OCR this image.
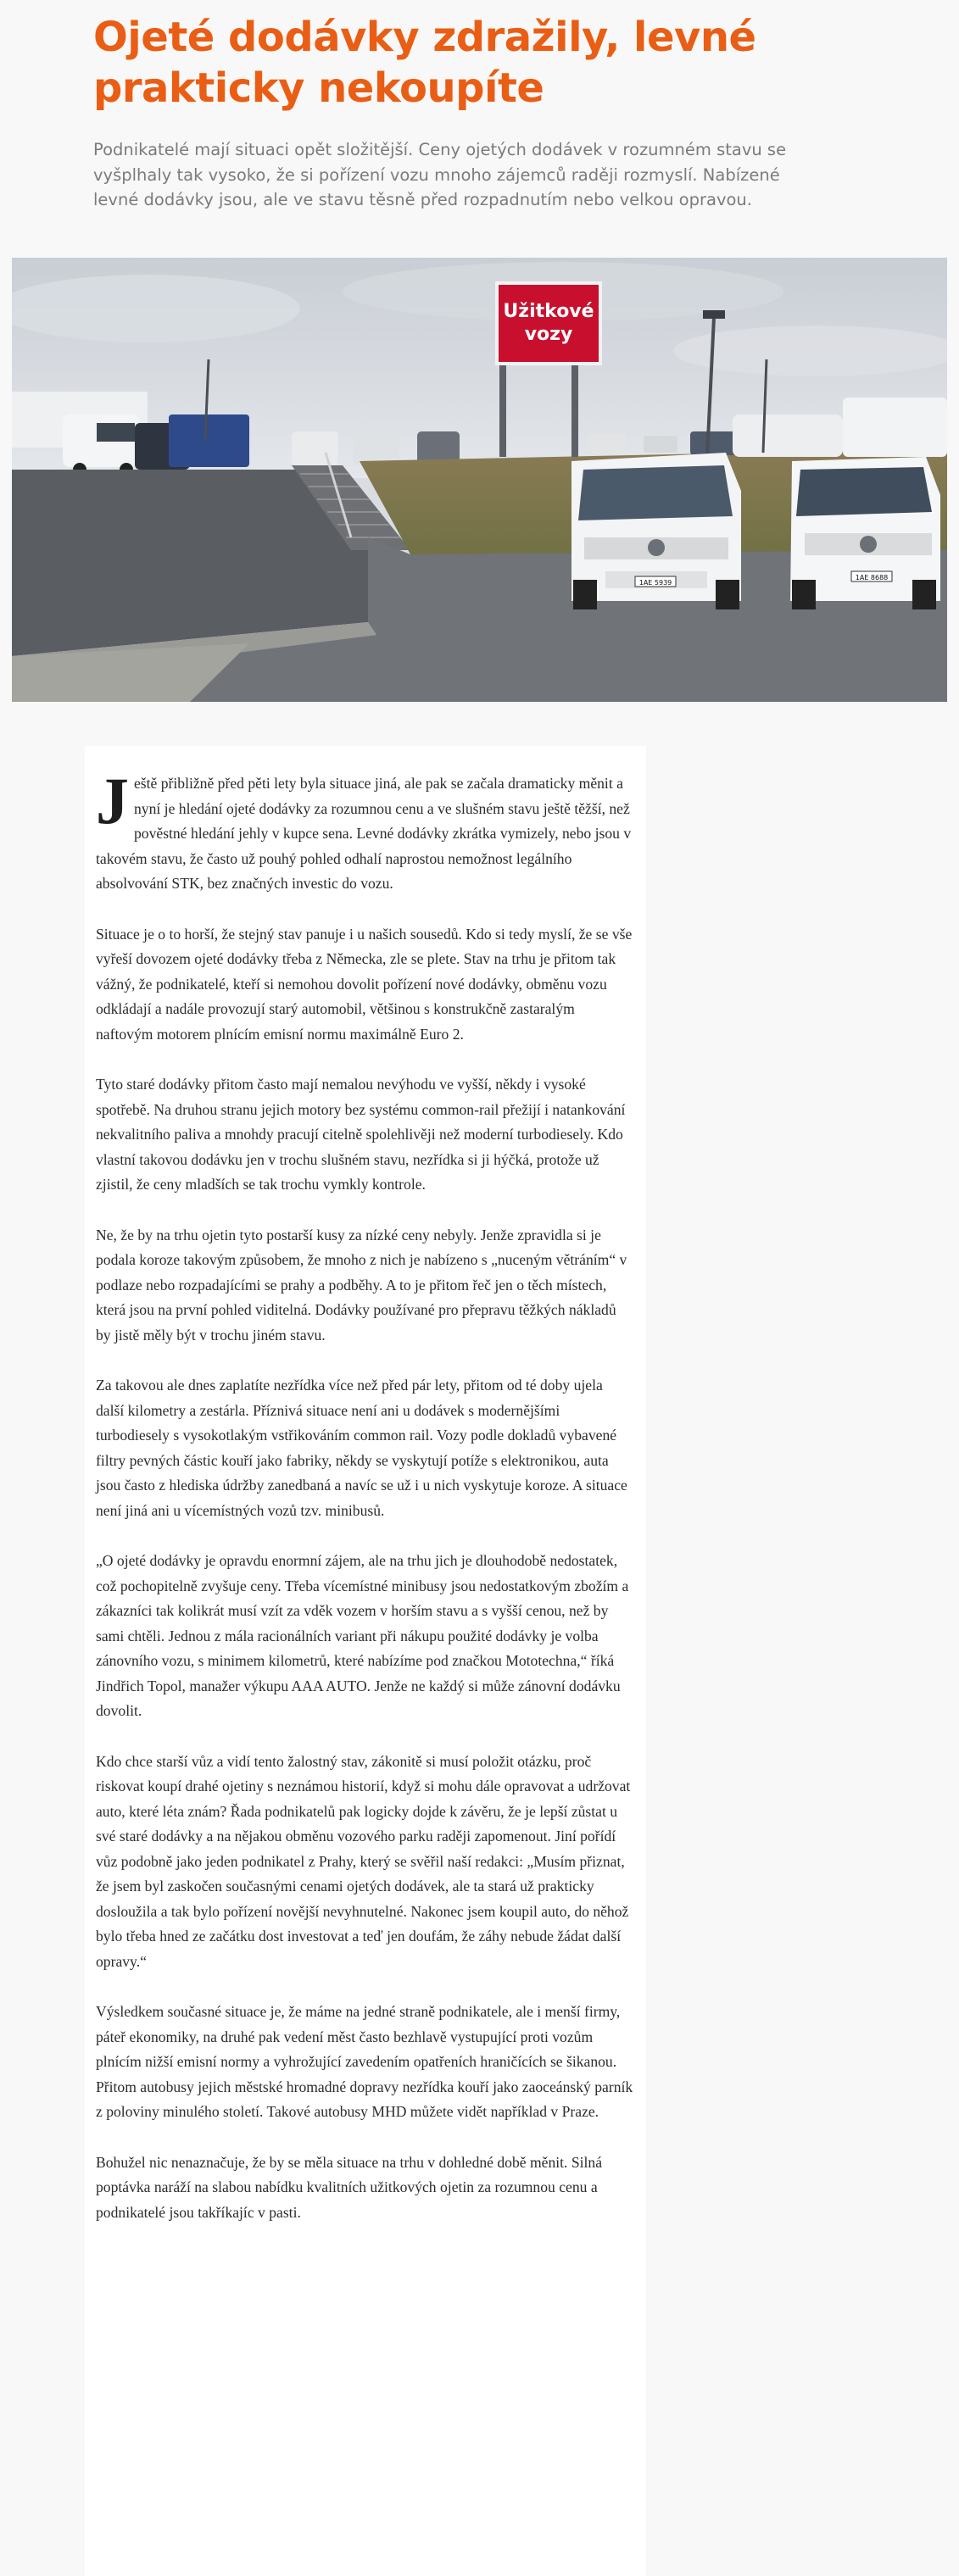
Ojeté dodávky zdražily, levné prakticky nekoupíte

Podnikatelé mají situaci opět složitější. Ceny ojetých dodávek v rozumném stavu se vyšplhaly tak vysoko, že si pořízení vozu mnoho zájemců raději rozmyslí. Nabízené levné dodávky jsou, ale ve stavu těsně před rozpadnutím nebo velkou opravou.

Užitkové
vozy
1AE 5939
1AE 8688

Ještě přibližně před pěti lety byla situace jiná, ale pak se začala dramaticky měnit a nyní je hledání ojeté dodávky za rozumnou cenu a ve slušném stavu ještě těžší, než pověstné hledání jehly v kupce sena. Levné dodávky zkrátka vymizely, nebo jsou v takovém stavu, že často už pouhý pohled odhalí naprostou nemožnost legálního absolvování STK, bez značných investic do vozu.

Situace je o to horší, že stejný stav panuje i u našich sousedů. Kdo si tedy myslí, že se vše vyřeší dovozem ojeté dodávky třeba z Německa, zle se plete. Stav na trhu je přitom tak vážný, že podnikatelé, kteří si nemohou dovolit pořízení nové dodávky, obměnu vozu odkládají a nadále provozují starý automobil, většinou s konstrukčně zastaralým naftovým motorem plnícím emisní normu maximálně Euro 2.

Tyto staré dodávky přitom často mají nemalou nevýhodu ve vyšší, někdy i vysoké spotřebě. Na druhou stranu jejich motory bez systému common-rail přežijí i natankování nekvalitního paliva a mnohdy pracují citelně spolehlivěji než moderní turbodiesely. Kdo vlastní takovou dodávku jen v trochu slušném stavu, nezřídka si ji hýčká, protože už zjistil, že ceny mladších se tak trochu vymkly kontrole.

Ne, že by na trhu ojetin tyto postarší kusy za nízké ceny nebyly. Jenže zpravidla si je podala koroze takovým způsobem, že mnoho z nich je nabízeno s „nuceným větráním“ v podlaze nebo rozpadajícími se prahy a podběhy. A to je přitom řeč jen o těch místech, která jsou na první pohled viditelná. Dodávky používané pro přepravu těžkých nákladů by jistě měly být v trochu jiném stavu.

Za takovou ale dnes zaplatíte nezřídka více než před pár lety, přitom od té doby ujela další kilometry a zestárla. Příznivá situace není ani u dodávek s modernějšími turbodiesely s vysokotlakým vstřikováním common rail. Vozy podle dokladů vybavené filtry pevných částic kouří jako fabriky, někdy se vyskytují potíže s elektronikou, auta jsou často z hlediska údržby zanedbaná a navíc se už i u nich vyskytuje koroze. A situace není jiná ani u vícemístných vozů tzv. minibusů.

„O ojeté dodávky je opravdu enormní zájem, ale na trhu jich je dlouhodobě nedostatek, což pochopitelně zvyšuje ceny. Třeba vícemístné minibusy jsou nedostatkovým zbožím a zákazníci tak kolikrát musí vzít za vděk vozem v horším stavu a s vyšší cenou, než by sami chtěli. Jednou z mála racionálních variant při nákupu použité dodávky je volba zánovního vozu, s minimem kilometrů, které nabízíme pod značkou Mototechna,“ říká Jindřich Topol, manažer výkupu AAA AUTO. Jenže ne každý si může zánovní dodávku dovolit.

Kdo chce starší vůz a vidí tento žalostný stav, zákonitě si musí položit otázku, proč riskovat koupí drahé ojetiny s neznámou historií, když si mohu dále opravovat a udržovat auto, které léta znám? Řada podnikatelů pak logicky dojde k závěru, že je lepší zůstat u své staré dodávky a na nějakou obměnu vozového parku raději zapomenout. Jiní pořídí vůz podobně jako jeden podnikatel z Prahy, který se svěřil naší redakci: „Musím přiznat, že jsem byl zaskočen současnými cenami ojetých dodávek, ale ta stará už prakticky dosloužila a tak bylo pořízení novější nevyhnutelné. Nakonec jsem koupil auto, do něhož bylo třeba hned ze začátku dost investovat a teď jen doufám, že záhy nebude žádat další opravy.“

Výsledkem současné situace je, že máme na jedné straně podnikatele, ale i menší firmy, páteř ekonomiky, na druhé pak vedení měst často bezhlavě vystupující proti vozům plnícím nižší emisní normy a vyhrožující zavedením opatřeních hraničících se šikanou. Přitom autobusy jejich městské hromadné dopravy nezřídka kouří jako zaoceánský parník z poloviny minulého století. Takové autobusy MHD můžete vidět například v Praze.

Bohužel nic nenaznačuje, že by se měla situace na trhu v dohledné době měnit. Silná poptávka naráží na slabou nabídku kvalitních užitkových ojetin za rozumnou cenu a podnikatelé jsou takříkajíc v pasti.
